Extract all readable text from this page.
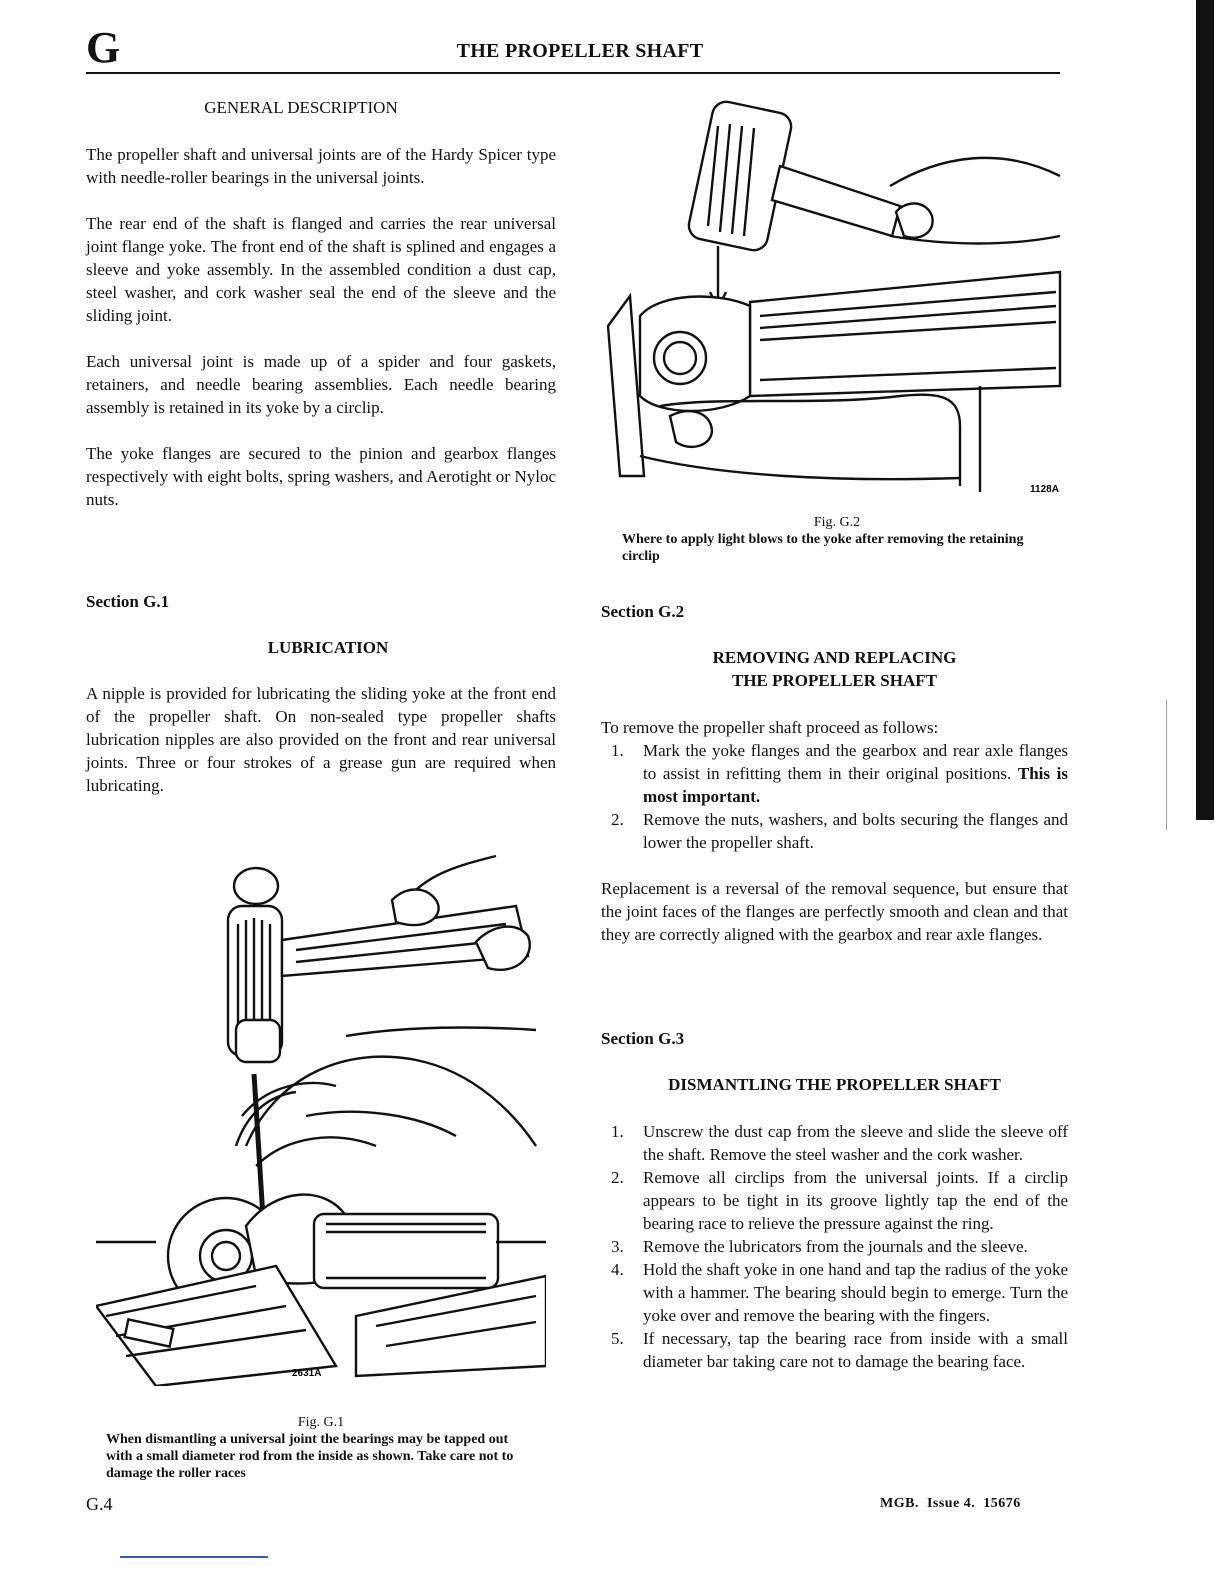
G	THE PROPELLER SHAFT
GENERAL DESCRIPTION

The propeller shaft and universal joints are of the Hardy Spicer type with needle-roller bearings in the universal joints.

The rear end of the shaft is flanged and carries the rear universal joint flange yoke. The front end of the shaft is splined and engages a sleeve and yoke assembly. In the assembled condition a dust cap, steel washer, and cork washer seal the end of the sleeve and the sliding joint.

Each universal joint is made up of a spider and four gaskets, retainers, and needle bearing assemblies. Each needle bearing assembly is retained in its yoke by a circlip.

The yoke flanges are secured to the pinion and gearbox flanges respectively with eight bolts, spring washers, and Aerotight or Nyloc nuts.

Section G.1
LUBRICATION

A nipple is provided for lubricating the sliding yoke at the front end of the propeller shaft. On non-sealed type propeller shafts lubrication nipples are also provided on the front and rear universal joints. Three or four strokes of a grease gun are required when lubricating.

2631A
Fig. G.1
When dismantling a universal joint the bearings may be tapped out with a small diameter rod from the inside as shown. Take care not to damage the roller races
1128A
Fig. G.2
Where to apply light blows to the yoke after removing the retaining circlip
Section G.2
REMOVING AND REPLACING
THE PROPELLER SHAFT

To remove the propeller shaft proceed as follows:

1. Mark the yoke flanges and the gearbox and rear axle flanges to assist in refitting them in their original positions. This is most important.
2. Remove the nuts, washers, and bolts securing the flanges and lower the propeller shaft.

Replacement is a reversal of the removal sequence, but ensure that the joint faces of the flanges are perfectly smooth and clean and that they are correctly aligned with the gearbox and rear axle flanges.

Section G.3
DISMANTLING THE PROPELLER SHAFT
1. Unscrew the dust cap from the sleeve and slide the sleeve off the shaft. Remove the steel washer and the cork washer.
2. Remove all circlips from the universal joints. If a circlip appears to be tight in its groove lightly tap the end of the bearing race to relieve the pressure against the ring.
3. Remove the lubricators from the journals and the sleeve.
4. Hold the shaft yoke in one hand and tap the radius of the yoke with a hammer. The bearing should begin to emerge. Turn the yoke over and remove the bearing with the fingers.
5. If necessary, tap the bearing race from inside with a small diameter bar taking care not to damage the bearing face.
G.4	MGB.  Issue 4.  15676
